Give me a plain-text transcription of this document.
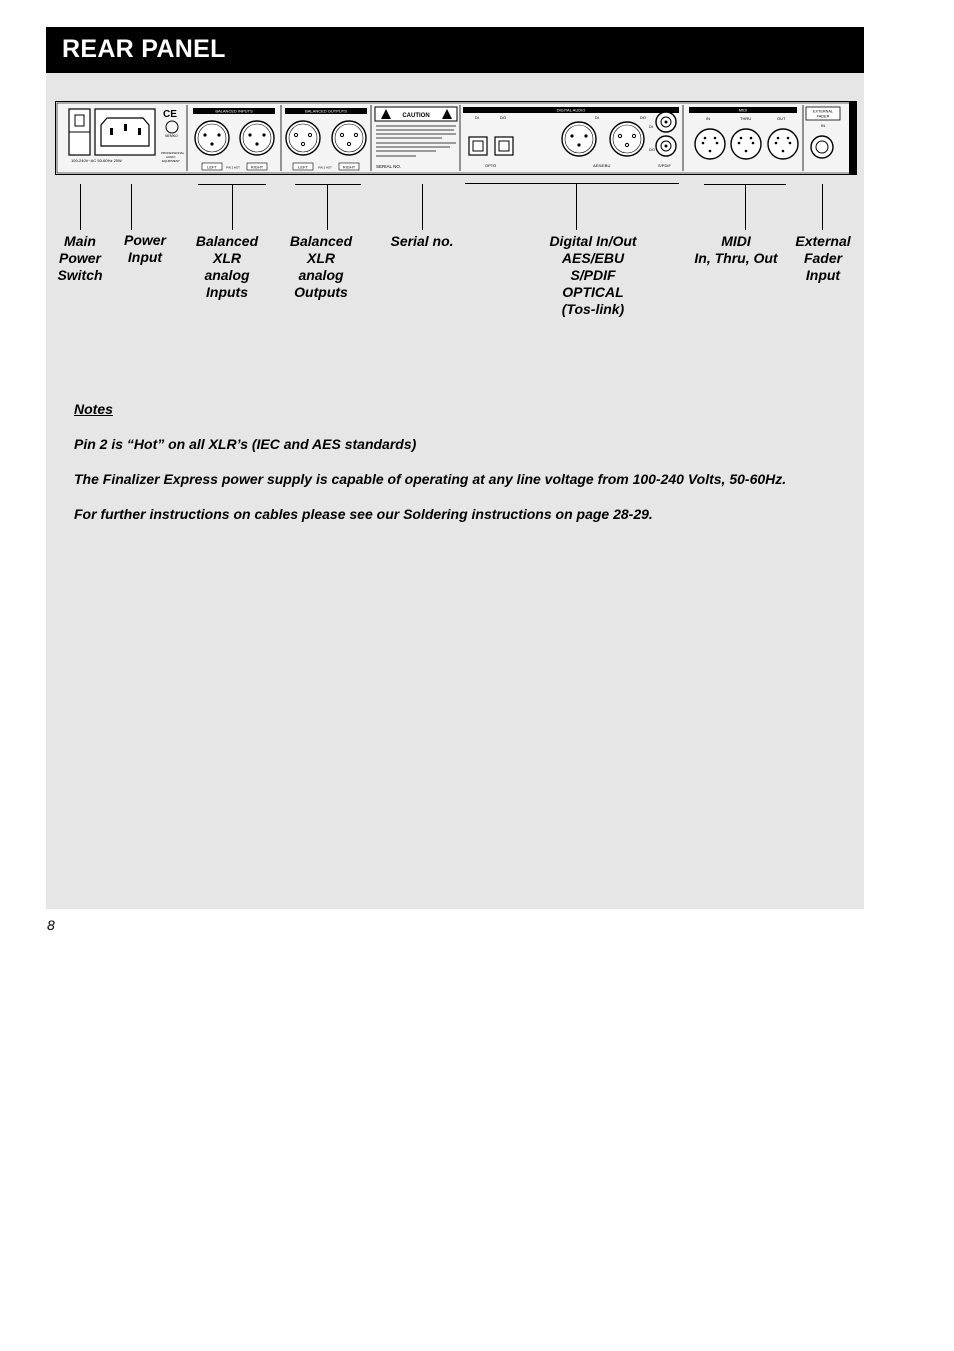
REAR PANEL
100-240V~AC 50-60Hz 20W
CE
NEMKO
PROFESSIONAL
AUDIO
EQUIPMENT
BALANCED INPUTS
LEFT	PIN 2 HOT	RIGHT
BALANCED OUTPUTS
LEFT	PIN 2 HOT	RIGHT
CAUTION
SERIAL NO.
DIGITAL AUDIO
DI	DO
OPTO
DI	DO
AES/EBU
DI
DO
S/PDIF
MIDI
IN	THRU	OUT
EXTERNAL
FADER
IN
Main
Power
Switch
Power
Input
Balanced
XLR
analog
Inputs
Balanced
XLR
analog
Outputs
Serial no.	Digital In/Out
AES/EBU
S/PDIF
OPTICAL
(Tos-link)
MIDI
In, Thru, Out
External
Fader
Input

Notes

Pin 2 is “Hot” on all XLR’s (IEC and AES standards)

The Finalizer Express power supply is capable of operating at any line voltage from 100-240 Volts, 50-60Hz.

For further instructions on cables please see our Soldering instructions on page 28-29.

8
